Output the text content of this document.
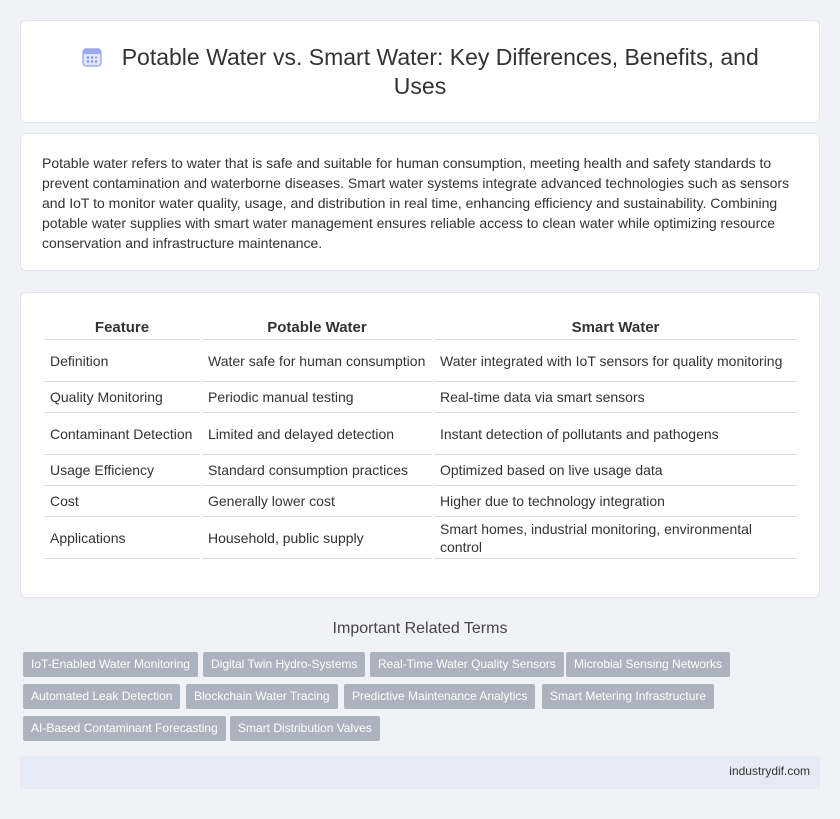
Potable Water vs. Smart Water: Key Differences, Benefits, and Uses

Potable water refers to water that is safe and suitable for human consumption, meeting health and safety standards to prevent contamination and waterborne diseases. Smart water systems integrate advanced technologies such as sensors and IoT to monitor water quality, usage, and distribution in real time, enhancing efficiency and sustainability. Combining potable water supplies with smart water management ensures reliable access to clean water while optimizing resource conservation and infrastructure maintenance.

Feature	Potable Water	Smart Water
Definition	Water safe for human consumption	Water integrated with IoT sensors for quality monitoring
Quality Monitoring	Periodic manual testing	Real-time data via smart sensors
Contaminant Detection	Limited and delayed detection	Instant detection of pollutants and pathogens
Usage Efficiency	Standard consumption practices	Optimized based on live usage data
Cost	Generally lower cost	Higher due to technology integration
Applications	Household, public supply	Smart homes, industrial monitoring, environmental control
Important Related Terms
IoT-Enabled Water Monitoring	Digital Twin Hydro-Systems	Real-Time Water Quality Sensors	Microbial Sensing Networks
Automated Leak Detection	Blockchain Water Tracing	Predictive Maintenance Analytics	Smart Metering Infrastructure
AI-Based Contaminant Forecasting	Smart Distribution Valves
industrydif.com
